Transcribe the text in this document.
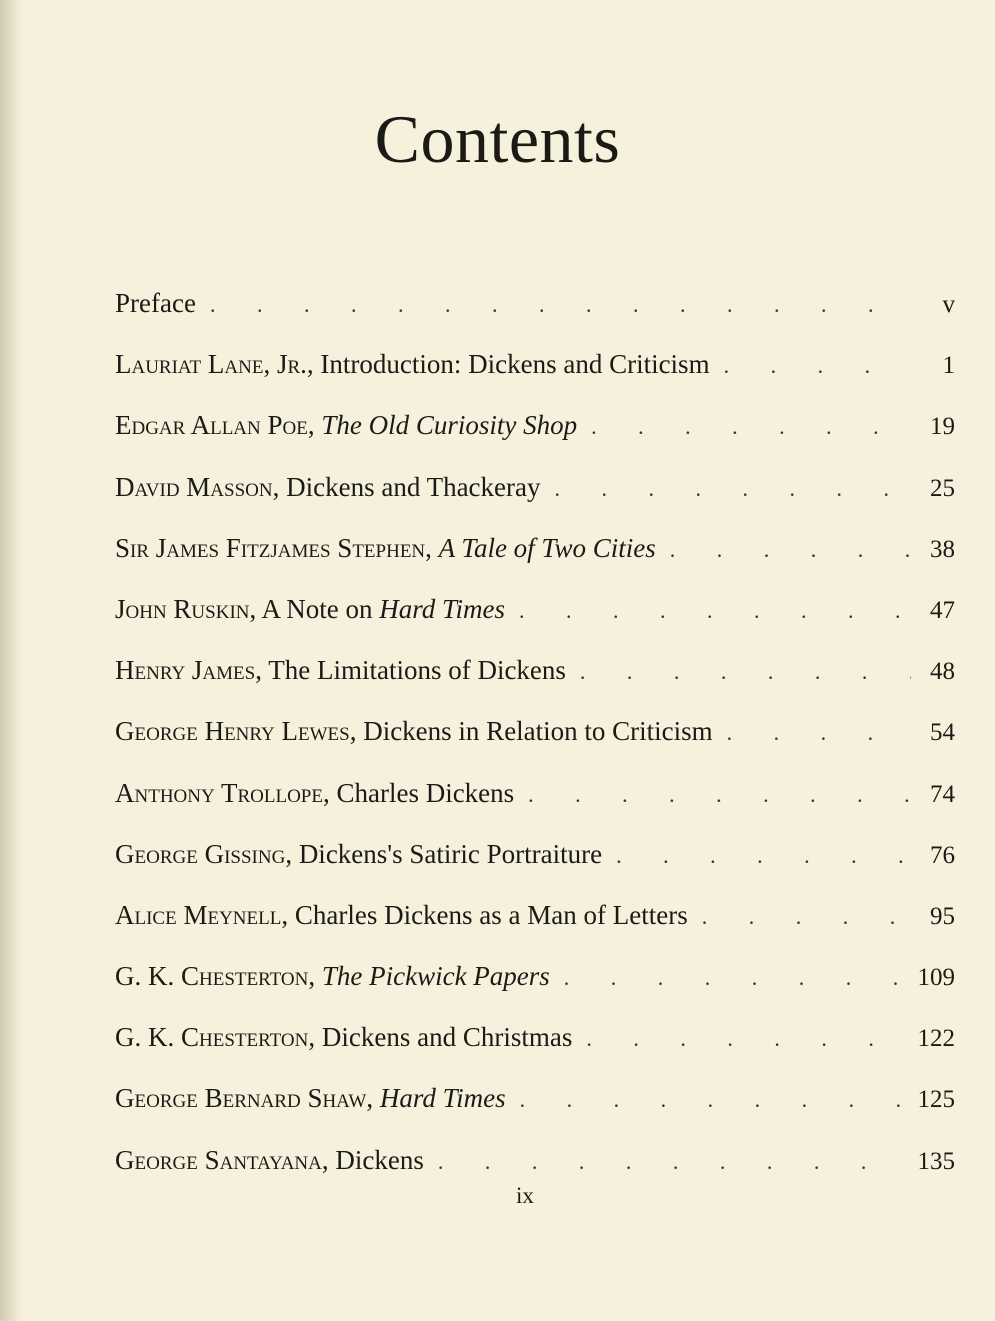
Contents
Preface . . .	v
Lauriat Lane, Jr., Introduction: Dickens and Criticism . . .	1
Edgar Allan Poe, The Old Curiosity Shop . . .	19
David Masson, Dickens and Thackeray . . .	25
Sir James Fitzjames Stephen, A Tale of Two Cities . . .	38
John Ruskin, A Note on Hard Times . . .	47
Henry James, The Limitations of Dickens . . .	48
George Henry Lewes, Dickens in Relation to Criticism . . .	54
Anthony Trollope, Charles Dickens . . .	74
George Gissing, Dickens's Satiric Portraiture . . .	76
Alice Meynell, Charles Dickens as a Man of Letters . . .	95
G. K. Chesterton, The Pickwick Papers . . .	109
G. K. Chesterton, Dickens and Christmas . . .	122
George Bernard Shaw, Hard Times . . .	125
George Santayana, Dickens . . .	135
ix
